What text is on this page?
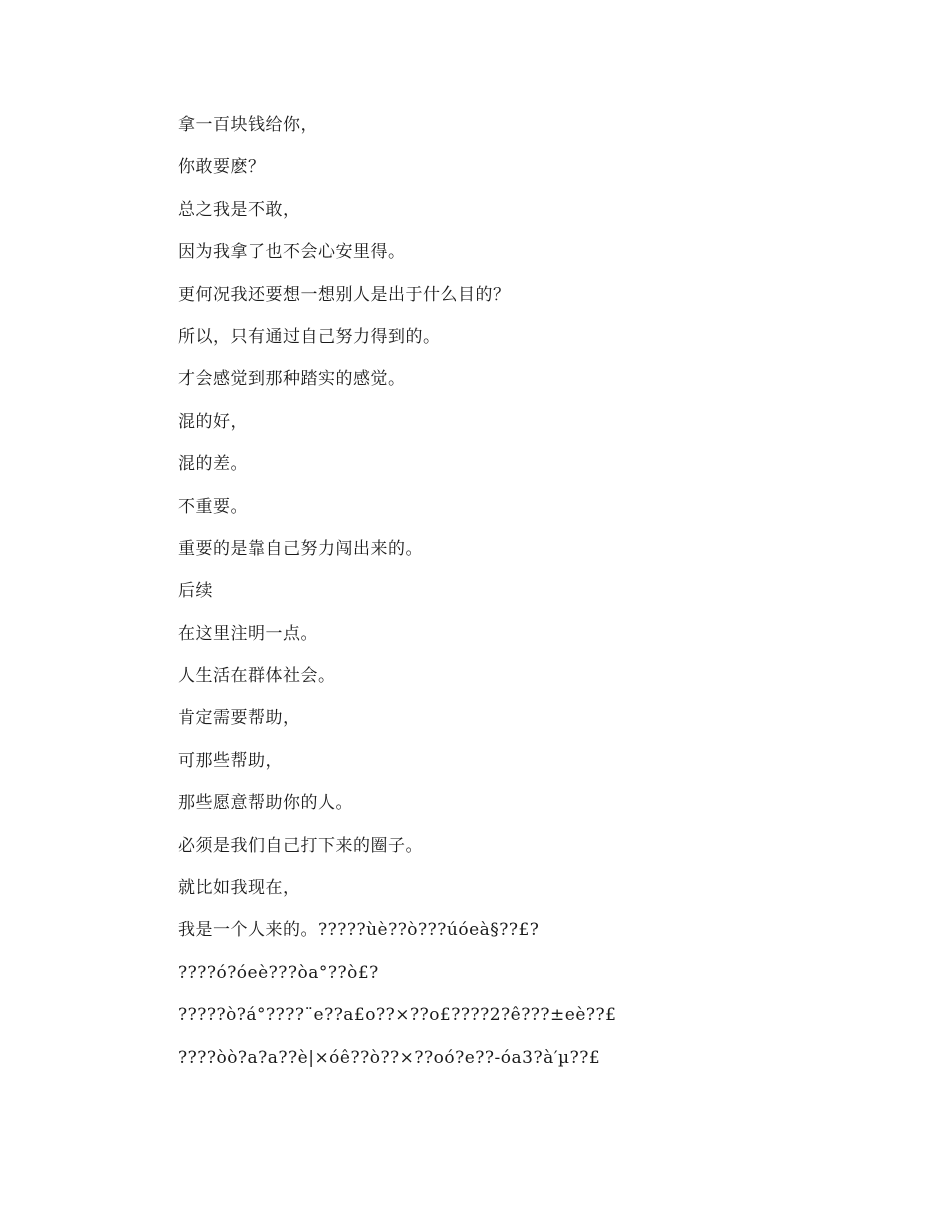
拿一百块钱给你，
你敢要麽？
总之我是不敢，
因为我拿了也不会心安里得。
更何况我还要想一想别人是出于什么目的？
所以，只有通过自己努力得到的。
才会感觉到那种踏实的感觉。
混的好，
混的差。
不重要。
重要的是靠自己努力闯出来的。
后续
在这里注明一点。
人生活在群体社会。
肯定需要帮助，
可那些帮助，
那些愿意帮助你的人。
必须是我们自己打下来的圈子。
就比如我现在，
我是一个人来的。?????ùè??ò???úóeà§??£?
????ó?óeè???òa°??ò£?
?????ò?á°????¨e??a£o??×??o£????2?ê???±eè??£
????òò?a?a??è|×óê??ò??×??oó?e??-óa3?à′µ??£
